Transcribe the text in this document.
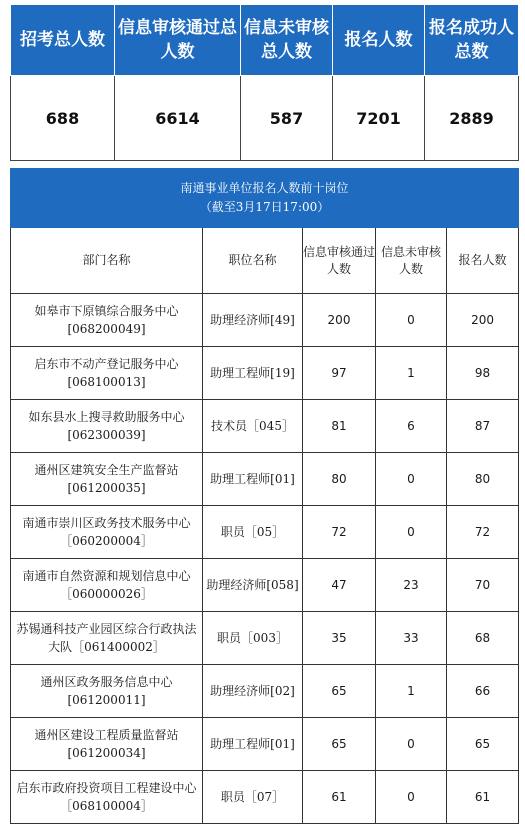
招考总人数	信息审核通过总人数	信息未审核总人数	报名人数	报名成功人总数
688	6614	587	7201	2889
南通事业单位报名人数前十岗位
（截至3月17日17:00）				

部门名称	职位名称	信息审核通过人数	信息未审核人数	报名人数
如皋市下原镇综合服务中心[068200049]	助理经济师[49]	200	0	200
启东市不动产登记服务中心[068100013]	助理工程师[19]	97	1	98
如东县水上搜寻救助服务中心[062300039]	技术员［045］	81	6	87
通州区建筑安全生产监督站[061200035]	助理工程师[01]	80	0	80
南通市崇川区政务技术服务中心［060200004］	职员［05］	72	0	72
南通市自然资源和规划信息中心［060000026］	助理经济师[058]	47	23	70
苏锡通科技产业园区综合行政执法大队［061400002］	职员［003］	35	33	68
通州区政务服务信息中心[061200011]	助理经济师[02]	65	1	66
通州区建设工程质量监督站[061200034]	助理工程师[01]	65	0	65
启东市政府投资项目工程建设中心［068100004］	职员［07］	61	0	61
